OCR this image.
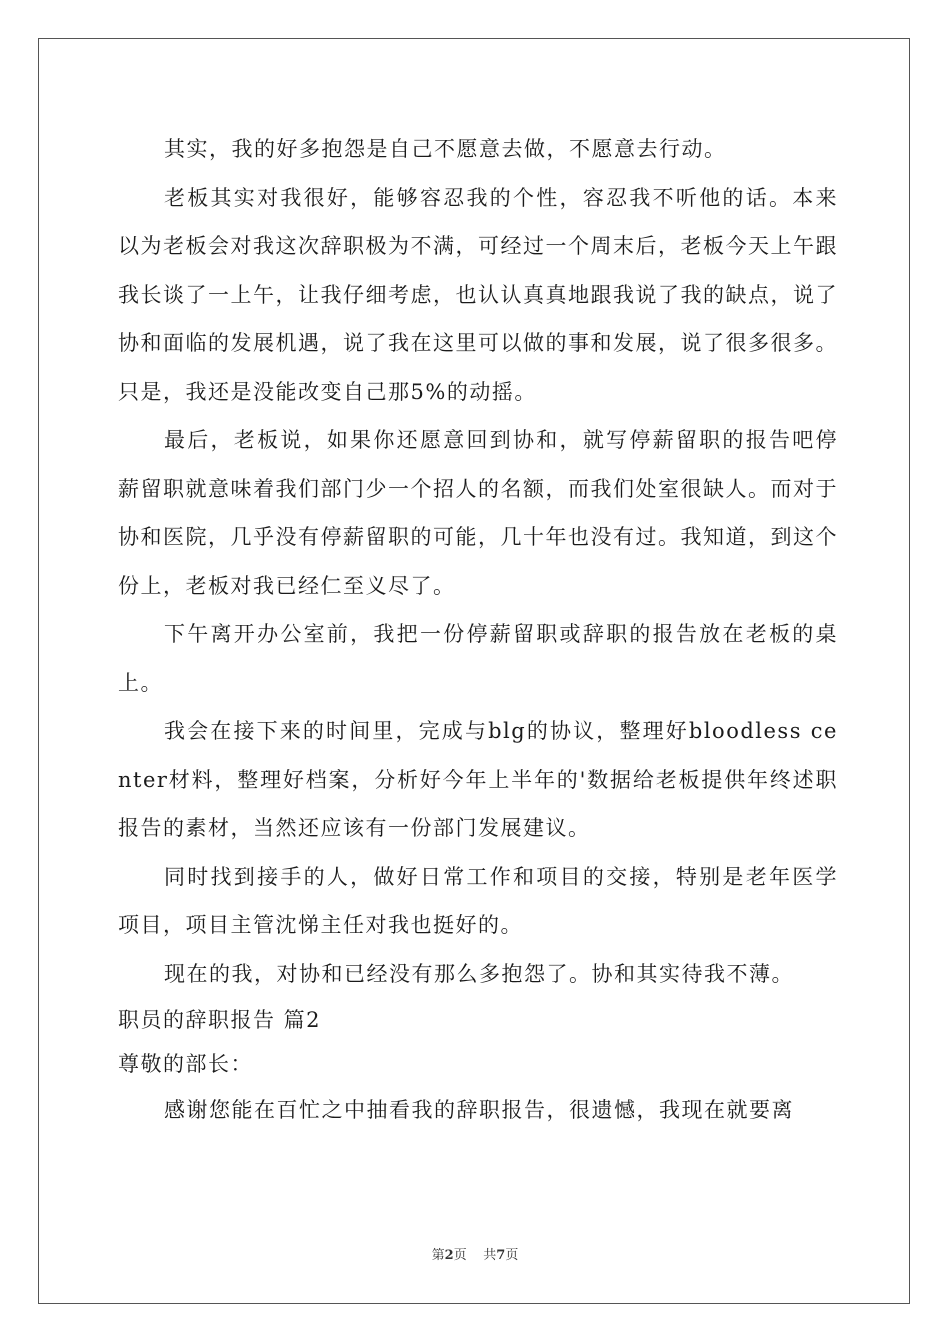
其实，我的好多抱怨是自己不愿意去做，不愿意去行动。

老板其实对我很好，能够容忍我的个性，容忍我不听他的话。本来以为老板会对我这次辞职极为不满，可经过一个周末后，老板今天上午跟我长谈了一上午，让我仔细考虑，也认认真真地跟我说了我的缺点，说了协和面临的发展机遇，说了我在这里可以做的事和发展，说了很多很多。只是，我还是没能改变自己那5%的动摇。

最后，老板说，如果你还愿意回到协和，就写停薪留职的报告吧停薪留职就意味着我们部门少一个招人的名额，而我们处室很缺人。而对于协和医院，几乎没有停薪留职的可能，几十年也没有过。我知道，到这个份上，老板对我已经仁至义尽了。

下午离开办公室前，我把一份停薪留职或辞职的报告放在老板的桌上。

我会在接下来的时间里，完成与blg的协议，整理好bloodless center材料，整理好档案，分析好今年上半年的'数据给老板提供年终述职报告的素材，当然还应该有一份部门发展建议。

同时找到接手的人，做好日常工作和项目的交接，特别是老年医学项目，项目主管沈悌主任对我也挺好的。

现在的我，对协和已经没有那么多抱怨了。协和其实待我不薄。

职员的辞职报告 篇2

尊敬的部长：

感谢您能在百忙之中抽看我的辞职报告，很遗憾，我现在就要离

第2页 共7页
